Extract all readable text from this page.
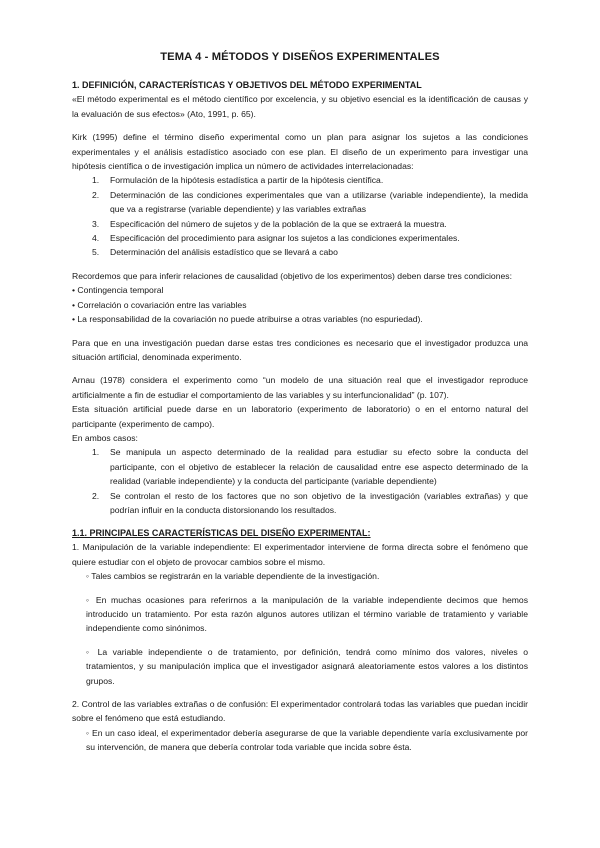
TEMA 4 - MÉTODOS Y DISEÑOS EXPERIMENTALES
1. DEFINICIÓN, CARACTERÍSTICAS Y OBJETIVOS DEL MÉTODO EXPERIMENTAL

«El método experimental es el método científico por excelencia, y su objetivo esencial es la identificación de causas y la evaluación de sus efectos» (Ato, 1991, p. 65).

Kirk (1995) define el término diseño experimental como un plan para asignar los sujetos a las condiciones experimentales y el análisis estadístico asociado con ese plan. El diseño de un experimento para investigar una hipótesis científica o de investigación implica un número de actividades interrelacionadas:

1. Formulación de la hipótesis estadística a partir de la hipótesis científica.
2. Determinación de las condiciones experimentales que van a utilizarse (variable independiente), la medida que va a registrarse (variable dependiente) y las variables extrañas
3. Especificación del número de sujetos y de la población de la que se extraerá la muestra.
4. Especificación del procedimiento para asignar los sujetos a las condiciones experimentales.
5. Determinación del análisis estadístico que se llevará a cabo

Recordemos que para inferir relaciones de causalidad (objetivo de los experimentos) deben darse tres condiciones:

• Contingencia temporal
• Correlación o covariación entre las variables
• La responsabilidad de la covariación no puede atribuirse a otras variables (no espuriedad).

Para que en una investigación puedan darse estas tres condiciones es necesario que el investigador produzca una situación artificial, denominada experimento.

Arnau (1978) considera el experimento como “un modelo de una situación real que el investigador reproduce artificialmente a fin de estudiar el comportamiento de las variables y su interfuncionalidad” (p. 107).

Esta situación artificial puede darse en un laboratorio (experimento de laboratorio) o en el entorno natural del participante (experimento de campo).

En ambos casos:
1. Se manipula un aspecto determinado de la realidad para estudiar su efecto sobre la conducta del participante, con el objetivo de establecer la relación de causalidad entre ese aspecto determinado de la realidad (variable independiente) y la conducta del participante (variable dependiente)
2. Se controlan el resto de los factores que no son objetivo de la investigación (variables extrañas) y que podrían influir en la conducta distorsionando los resultados.
1.1. PRINCIPALES CARACTERÍSTICAS DEL DISEÑO EXPERIMENTAL:

1. Manipulación de la variable independiente: El experimentador interviene de forma directa sobre el fenómeno que quiere estudiar con el objeto de provocar cambios sobre el mismo.

◦ Tales cambios se registrarán en la variable dependiente de la investigación.

◦ En muchas ocasiones para referirnos a la manipulación de la variable independiente decimos que hemos introducido un tratamiento. Por esta razón algunos autores utilizan el término variable de tratamiento y variable independiente como sinónimos.

◦ La variable independiente o de tratamiento, por definición, tendrá como mínimo dos valores, niveles o tratamientos, y su manipulación implica que el investigador asignará aleatoriamente estos valores a los distintos grupos.

2. Control de las variables extrañas o de confusión: El experimentador controlará todas las variables que puedan incidir sobre el fenómeno que está estudiando.

◦ En un caso ideal, el experimentador debería asegurarse de que la variable dependiente varía exclusivamente por su intervención, de manera que debería controlar toda variable que incida sobre ésta.
